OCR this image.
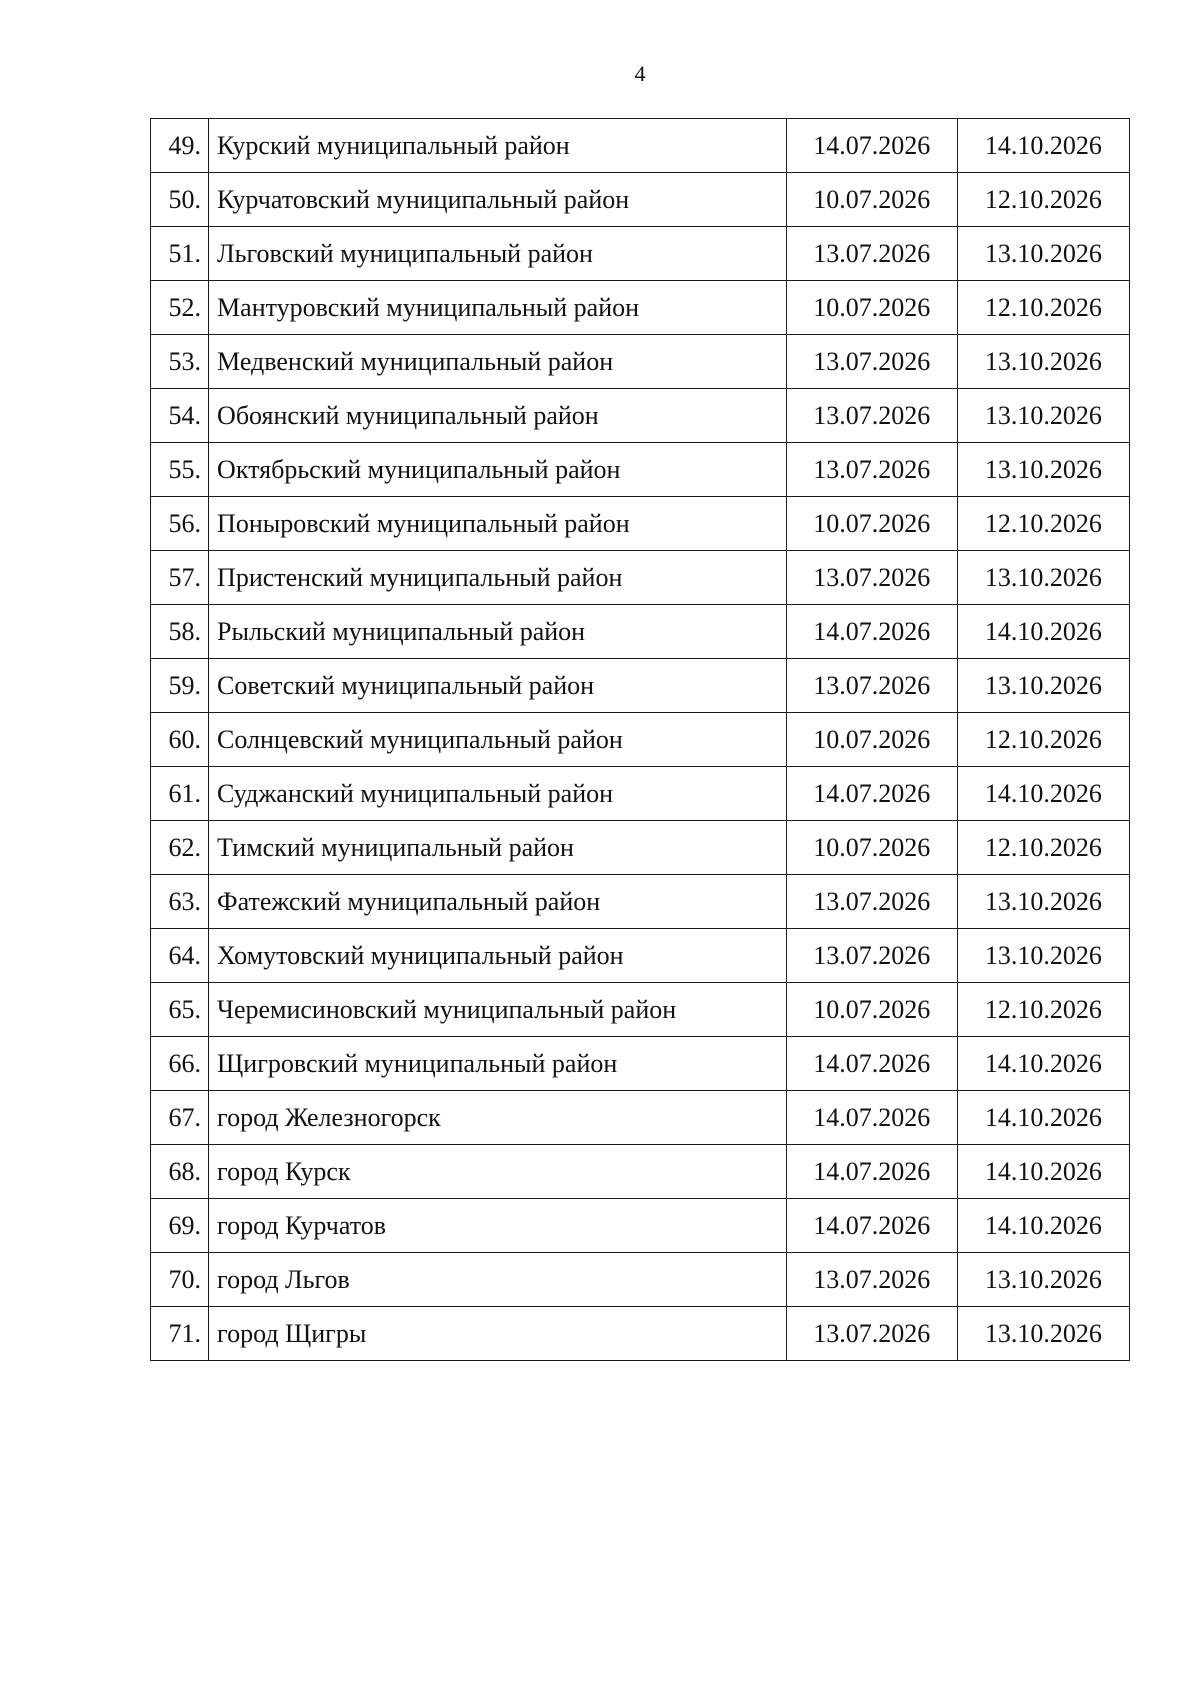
4
49.	Курский муниципальный район	14.07.2026	14.10.2026
50.	Курчатовский муниципальный район	10.07.2026	12.10.2026
51.	Льговский муниципальный район	13.07.2026	13.10.2026
52.	Мантуровский муниципальный район	10.07.2026	12.10.2026
53.	Медвенский муниципальный район	13.07.2026	13.10.2026
54.	Обоянский муниципальный район	13.07.2026	13.10.2026
55.	Октябрьский муниципальный район	13.07.2026	13.10.2026
56.	Поныровский муниципальный район	10.07.2026	12.10.2026
57.	Пристенский муниципальный район	13.07.2026	13.10.2026
58.	Рыльский муниципальный район	14.07.2026	14.10.2026
59.	Советский муниципальный район	13.07.2026	13.10.2026
60.	Солнцевский муниципальный район	10.07.2026	12.10.2026
61.	Суджанский муниципальный район	14.07.2026	14.10.2026
62.	Тимский муниципальный район	10.07.2026	12.10.2026
63.	Фатежский муниципальный район	13.07.2026	13.10.2026
64.	Хомутовский муниципальный район	13.07.2026	13.10.2026
65.	Черемисиновский муниципальный район	10.07.2026	12.10.2026
66.	Щигровский муниципальный район	14.07.2026	14.10.2026
67.	город Железногорск	14.07.2026	14.10.2026
68.	город Курск	14.07.2026	14.10.2026
69.	город Курчатов	14.07.2026	14.10.2026
70.	город Льгов	13.07.2026	13.10.2026
71.	город Щигры	13.07.2026	13.10.2026
